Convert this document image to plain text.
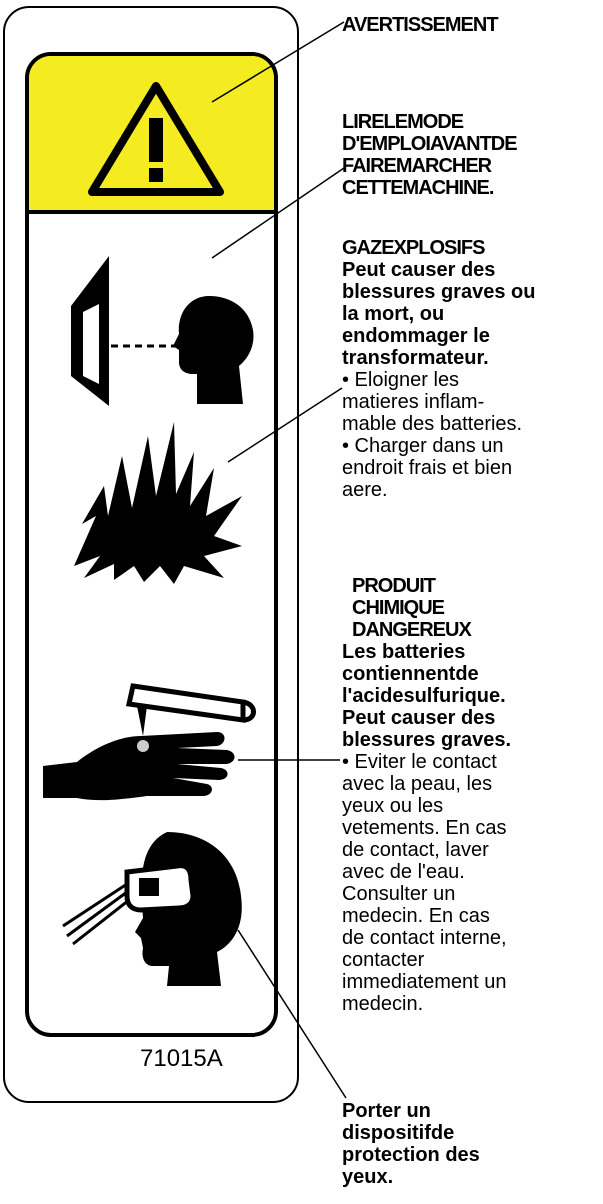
71015A
AVERTISSEMENT
LIRELEMODE
D'EMPLOIAVANTDE
FAIREMARCHER
CETTEMACHINE.
GAZEXPLOSIFS
Peut causer des
blessures graves ou
la mort, ou
endommager le
transformateur.
• Eloigner les
matieres inflam-
mable des batteries.
• Charger dans un
endroit frais et bien
aere.
PRODUIT
CHIMIQUE
DANGEREUX
Les batteries
contiennentde
l'acidesulfurique.
Peut causer des
blessures graves.
• Eviter le contact
avec la peau, les
yeux ou les
vetements. En cas
de contact, laver
avec de l'eau.
Consulter un
medecin. En cas
de contact interne,
contacter
immediatement un
medecin.
Porter un
dispositifde
protection des
yeux.
